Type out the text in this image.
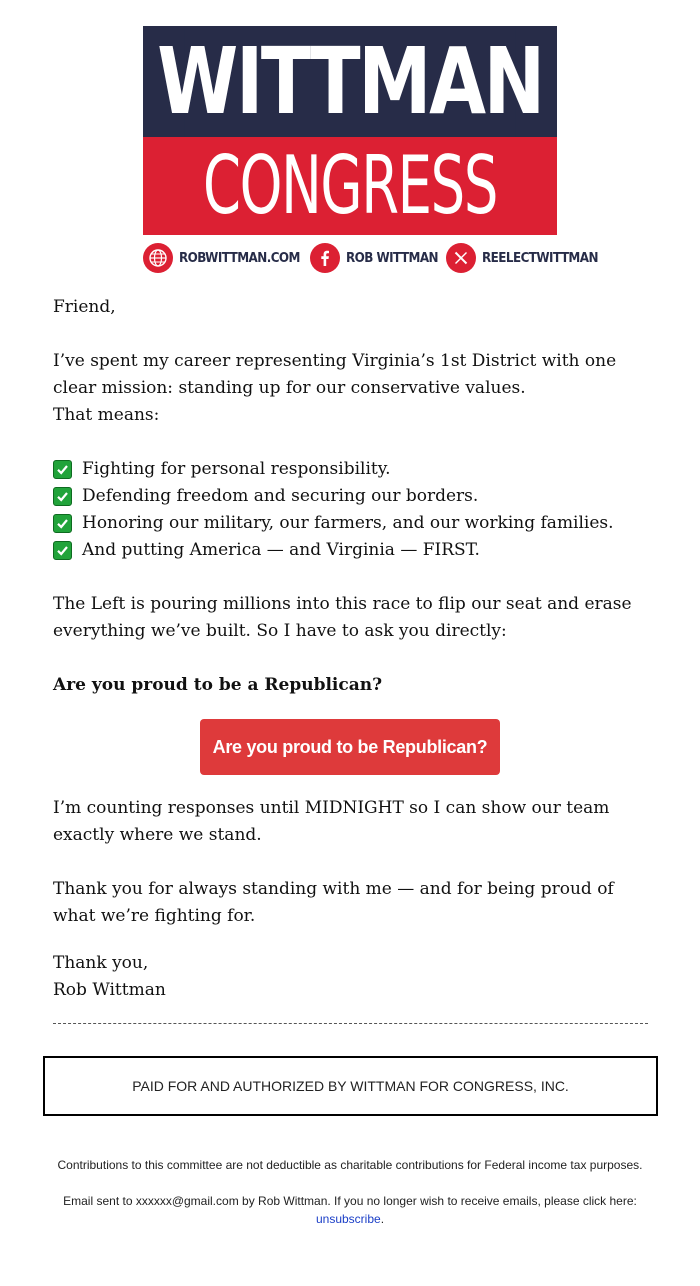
WITTMAN
CONGRESS
ROBWITTMAN.COM	ROB WITTMAN	REELECTWITTMAN

Friend,

I’ve spent my career representing Virginia’s 1st District with one clear mission: standing up for our conservative values.
That means:
Fighting for personal responsibility.
Defending freedom and securing our borders.
Honoring our military, our farmers, and our working families.
And putting America — and Virginia — FIRST.

The Left is pouring millions into this race to flip our seat and erase everything we’ve built. So I have to ask you directly:

Are you proud to be a Republican?

Are you proud to be Republican?

I’m counting responses until MIDNIGHT so I can show our team exactly where we stand.

Thank you for always standing with me — and for being proud of what we’re fighting for.

Thank you,
Rob Wittman
PAID FOR AND AUTHORIZED BY WITTMAN FOR CONGRESS, INC.
Contributions to this committee are not deductible as charitable contributions for Federal income tax purposes.
Email sent to xxxxxx@gmail.com by Rob Wittman. If you no longer wish to receive emails, please click here:
unsubscribe.
